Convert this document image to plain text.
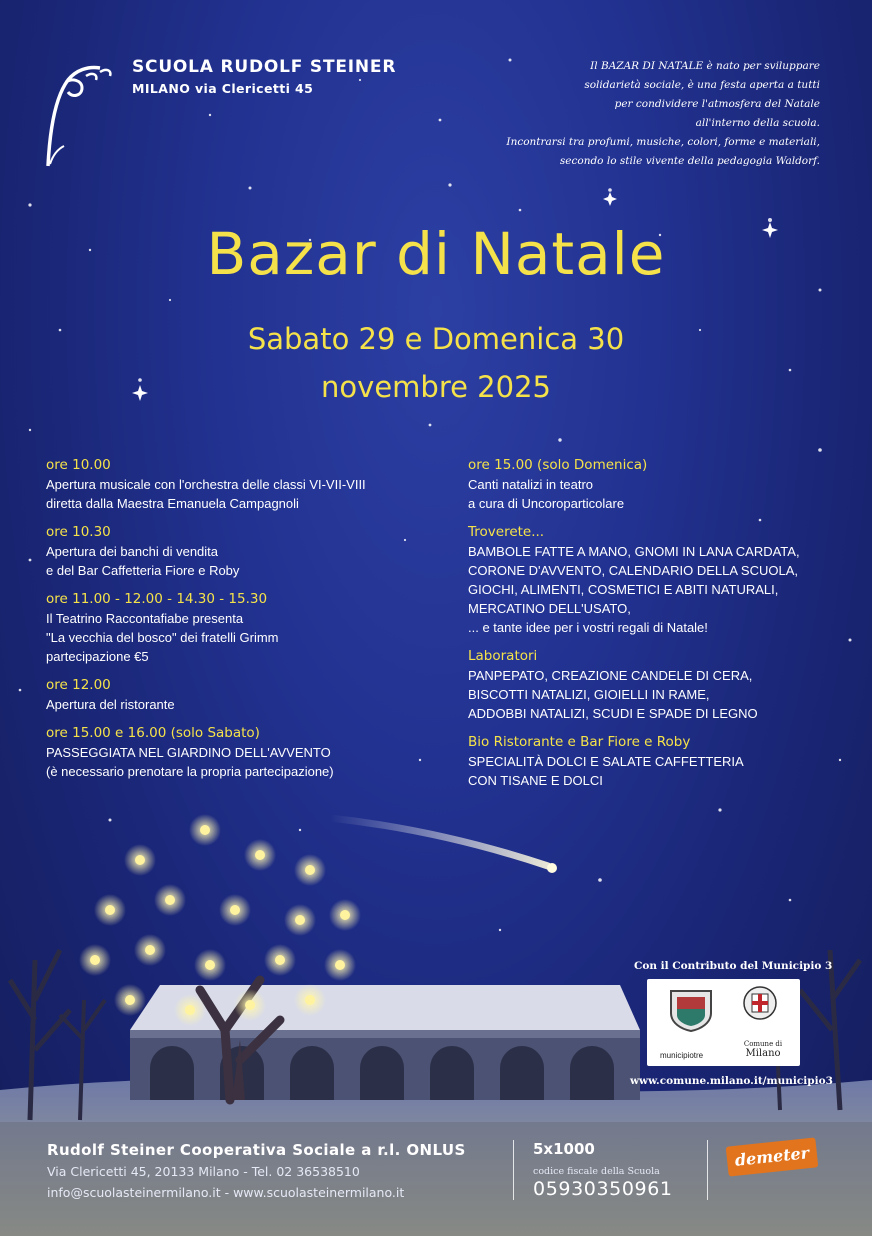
SCUOLA RUDOLF STEINER
MILANO via Clericetti 45
Il BAZAR DI NATALE è nato per sviluppare
solidarietà sociale, è una festa aperta a tutti
per condividere l'atmosfera del Natale
all'interno della scuola.
Incontrarsi tra profumi, musiche, colori, forme e materiali,
secondo lo stile vivente della pedagogia Waldorf.
Bazar di Natale
Sabato 29 e Domenica 30
novembre 2025
ore 10.00
Apertura musicale con l'orchestra delle classi VI-VII-VIII
diretta dalla Maestra Emanuela Campagnoli
ore 10.30
Apertura dei banchi di vendita
e del Bar Caffetteria Fiore e Roby
ore 11.00 - 12.00 - 14.30 - 15.30
Il Teatrino Raccontafiabe presenta
"La vecchia del bosco" dei fratelli Grimm
partecipazione €5
ore 12.00
Apertura del ristorante
ore 15.00 e 16.00 (solo Sabato)
PASSEGGIATA NEL GIARDINO DELL'AVVENTO
(è necessario prenotare la propria partecipazione)
ore 15.00 (solo Domenica)
Canti natalizi in teatro
a cura di Uncoroparticolare
Troverete...
BAMBOLE FATTE A MANO, GNOMI IN LANA CARDATA,
CORONE D'AVVENTO, CALENDARIO DELLA SCUOLA,
GIOCHI, ALIMENTI, COSMETICI E ABITI NATURALI,
MERCATINO DELL'USATO,
... e tante idee per i vostri regali di Natale!
Laboratori
PANPEPATO, CREAZIONE CANDELE DI CERA,
BISCOTTI NATALIZI, GIOIELLI IN RAME,
ADDOBBI NATALIZI, SCUDI E SPADE DI LEGNO
Bio Ristorante e Bar Fiore e Roby
SPECIALITÀ DOLCI E SALATE CAFFETTERIA
CON TISANE E DOLCI
Con il Contributo del Municipio 3
municipiotre
Comune di
Milano
www.comune.milano.it/municipio3
Rudolf Steiner Cooperativa Sociale a r.l. ONLUS
Via Clericetti 45, 20133 Milano - Tel. 02 36538510
info@scuolasteinermilano.it - www.scuolasteinermilano.it
5x1000
codice fiscale della Scuola
05930350961
demeter
